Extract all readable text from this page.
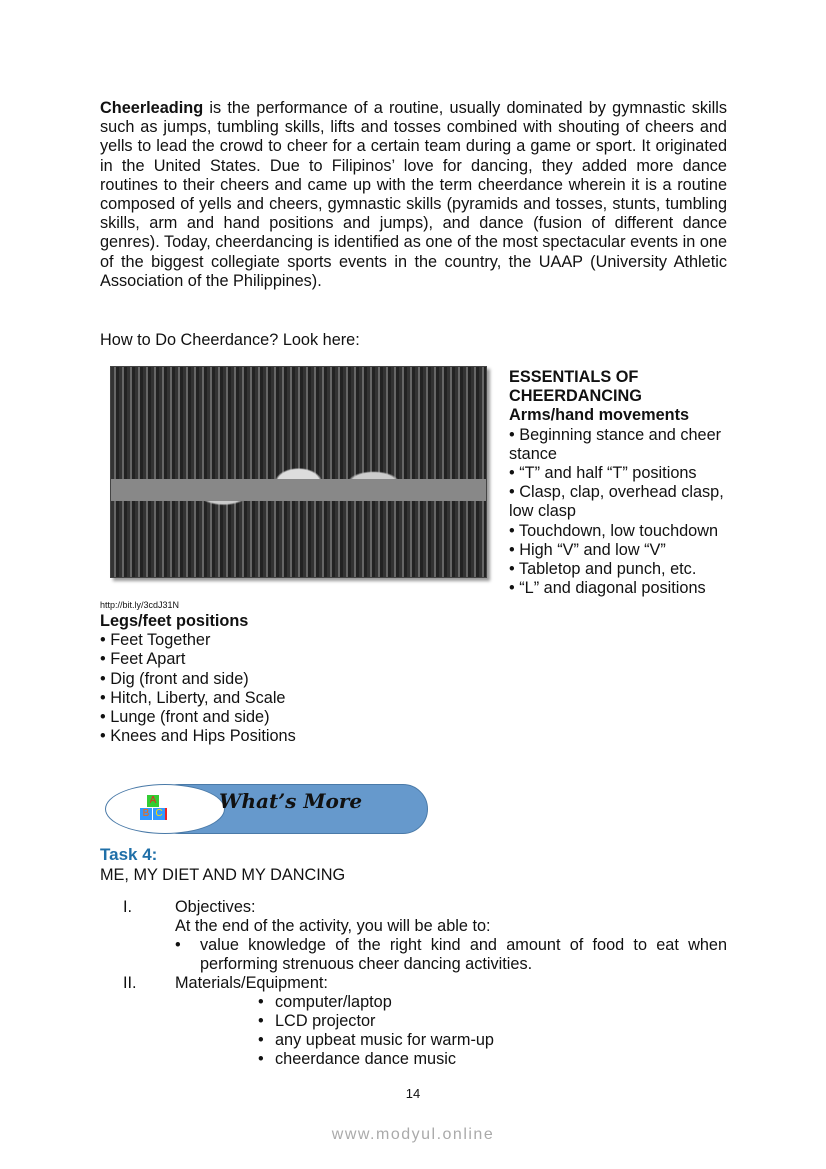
Cheerleading is the performance of a routine, usually dominated by gymnastic skills such as jumps, tumbling skills, lifts and tosses combined with shouting of cheers and yells to lead the crowd to cheer for a certain team during a game or sport. It originated in the United States. Due to Filipinos’ love for dancing, they added more dance routines to their cheers and came up with the term cheerdance wherein it is a routine composed of yells and cheers, gymnastic skills (pyramids and tosses, stunts, tumbling skills, arm and hand positions and jumps), and dance (fusion of different dance genres). Today, cheerdancing is identified as one of the most spectacular events in one of the biggest collegiate sports events in the country, the UAAP (University Athletic Association of the Philippines).

How to Do Cheerdance? Look here:
http://bit.ly/3cdJ31N
ESSENTIALS OF CHEERDANCING
Arms/hand movements
• Beginning stance and cheer stance
• “T” and half “T” positions
• Clasp, clap, overhead clasp, low clasp
• Touchdown, low touchdown
• High “V” and low “V”
• Tabletop and punch, etc.
• “L” and diagonal positions
Legs/feet positions
• Feet Together
• Feet Apart
• Dig (front and side)
• Hitch, Liberty, and Scale
• Lunge (front and side)
• Knees and Hips Positions
A
B C
What’s More
Task 4:
ME, MY DIET AND MY DANCING
I.	Objectives:
At the end of the activity, you will be able to:
• value knowledge of the right kind and amount of food to eat when performing strenuous cheer dancing activities.
II. Materials/Equipment:
• computer/laptop
• LCD projector
• any upbeat music for warm-up
• cheerdance dance music
14
www.modyul.online
